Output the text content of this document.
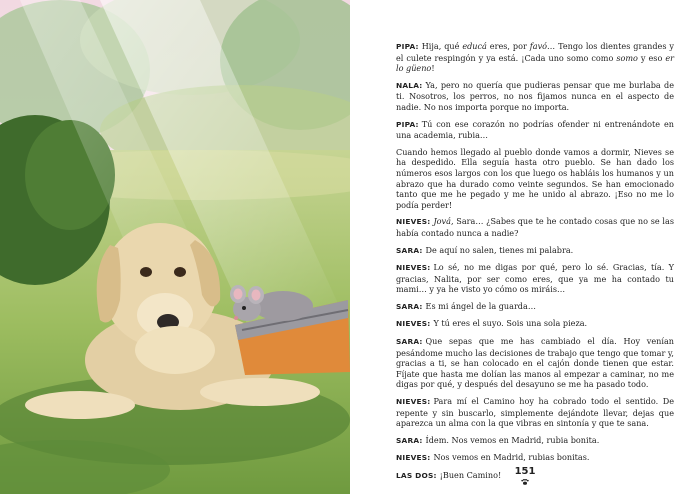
PIPA: Hija, qué educá eres, por favó… Tengo los dientes grandes y el culete respingón y ya está. ¡Cada uno somo como somo y eso er lo güeno!

NALA: Ya, pero no quería que pudieras pensar que me burlaba de ti. Nosotros, los perros, no nos fijamos nunca en el aspecto de nadie. No nos importa porque no importa.

PIPA: Tú con ese corazón no podrías ofender ni entrenándote en una academia, rubia…

Cuando hemos llegado al pueblo donde vamos a dormir, Nieves se ha despedido. Ella seguía hasta otro pueblo. Se han dado los números esos largos con los que luego os habláis los humanos y un abrazo que ha durado como veinte segundos. Se han emocionado tanto que me he pegado y me he unido al abrazo. ¡Eso no me lo podía perder!

NIEVES: Jová, Sara… ¿Sabes que te he contado cosas que no se las había contado nunca a nadie?

SARA: De aquí no salen, tienes mi palabra.

NIEVES: Lo sé, no me digas por qué, pero lo sé. Gracias, tía. Y gracias, Nalita, por ser como eres, que ya me ha contado tu mami… y ya he visto yo cómo os miráis…

SARA: Es mi ángel de la guarda…

NIEVES: Y tú eres el suyo. Sois una sola pieza.

SARA: Que sepas que me has cambiado el día. Hoy venían pesándome mucho las decisiones de trabajo que tengo que tomar y, gracias a ti, se han colocado en el cajón donde tienen que estar. Fíjate que hasta me dolían las manos al empezar a caminar, no me digas por qué, y después del desayuno se me ha pasado todo.

NIEVES: Para mí el Camino hoy ha cobrado todo el sentido. De repente y sin buscarlo, simplemente dejándote llevar, dejas que aparezca un alma con la que vibras en sintonía y que te sana.

SARA: Ídem. Nos vemos en Madrid, rubia bonita.

NIEVES: Nos vemos en Madrid, rubias bonitas.

LAS DOS: ¡Buen Camino!	151
